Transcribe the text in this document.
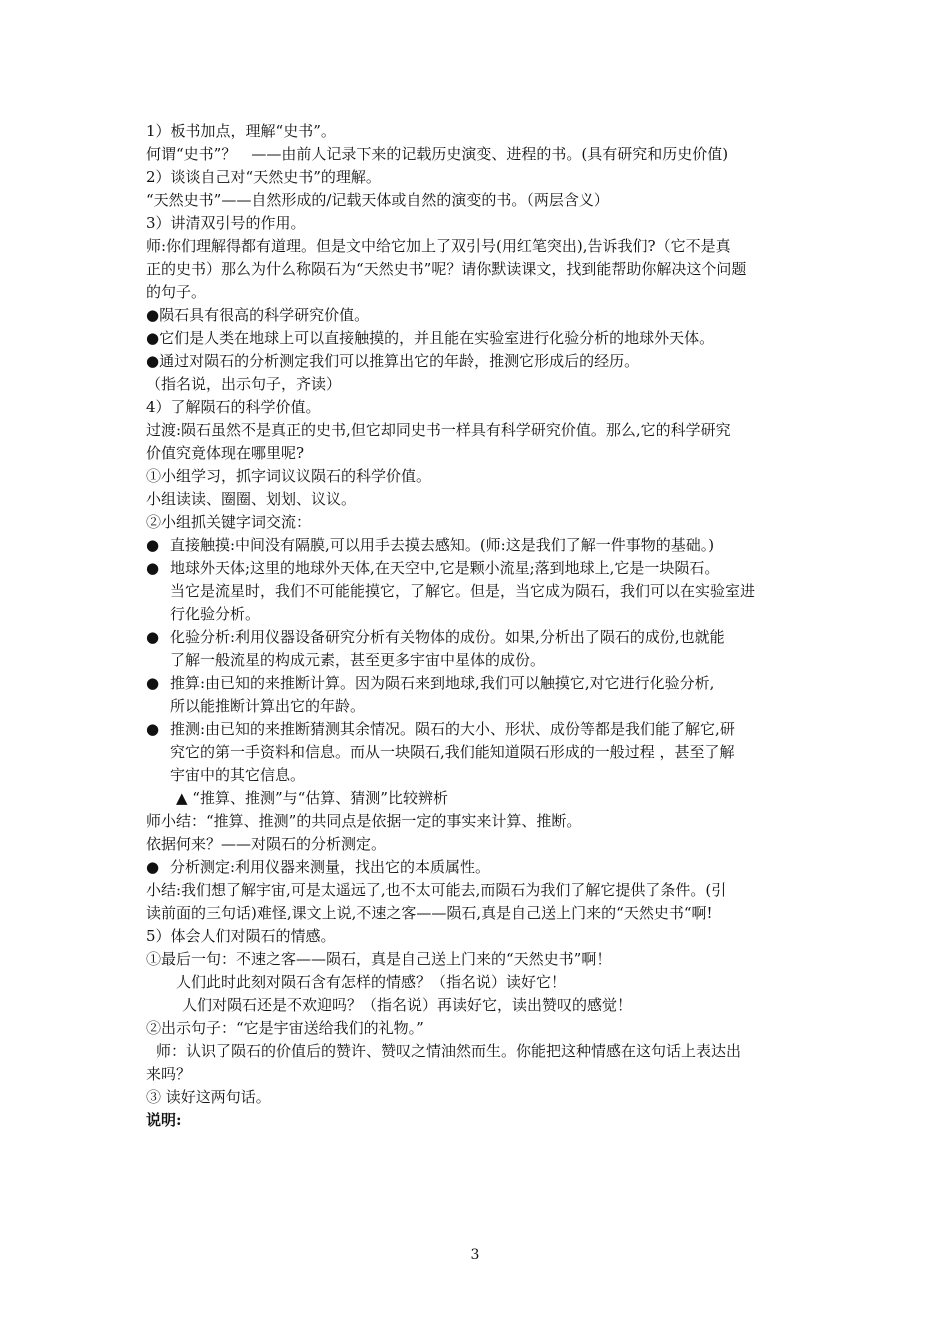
1）板书加点，理解“史书”。
何谓“史书”？　——由前人记录下来的记载历史演变、进程的书。(具有研究和历史价值)
2）谈谈自己对“天然史书”的理解。
“天然史书”——自然形成的/记载天体或自然的演变的书。（两层含义）
3）讲清双引号的作用。
师:你们理解得都有道理。但是文中给它加上了双引号(用红笔突出),告诉我们?（它不是真
正的史书）那么为什么称陨石为“天然史书”呢？请你默读课文，找到能帮助你解决这个问题
的句子。
●陨石具有很高的科学研究价值。
●它们是人类在地球上可以直接触摸的，并且能在实验室进行化验分析的地球外天体。
●通过对陨石的分析测定我们可以推算出它的年龄，推测它形成后的经历。
（指名说，出示句子，齐读）
4）了解陨石的科学价值。
过渡:陨石虽然不是真正的史书,但它却同史书一样具有科学研究价值。那么,它的科学研究
价值究竟体现在哪里呢?
①小组学习，抓字词议议陨石的科学价值。
小组读读、圈圈、划划、议议。
②小组抓关键字词交流：
● 直接触摸:中间没有隔膜,可以用手去摸去感知。(师:这是我们了解一件事物的基础。)
● 地球外天体;这里的地球外天体,在天空中,它是颗小流星;落到地球上,它是一块陨石。
当它是流星时，我们不可能能摸它，了解它。但是，当它成为陨石，我们可以在实验室进
行化验分析。
● 化验分析:利用仪器设备研究分析有关物体的成份。如果,分析出了陨石的成份,也就能
了解一般流星的构成元素，甚至更多宇宙中星体的成份。
● 推算:由已知的来推断计算。因为陨石来到地球,我们可以触摸它,对它进行化验分析,
所以能推断计算出它的年龄。
● 推测:由已知的来推断猜测其余情况。陨石的大小、形状、成份等都是我们能了解它,研
究它的第一手资料和信息。而从一块陨石,我们能知道陨石形成的一般过程 ，甚至了解
宇宙中的其它信息。
▲ “推算、推测”与“估算、猜测”比较辨析
师小结：“推算、推测”的共同点是依据一定的事实来计算、推断。
依据何来？——对陨石的分析测定。
● 分析测定:利用仪器来测量，找出它的本质属性。
小结:我们想了解宇宙,可是太遥远了,也不太可能去,而陨石为我们了解它提供了条件。(引
读前面的三句话)难怪,课文上说,不速之客——陨石,真是自己送上门来的“天然史书“啊!
5）体会人们对陨石的情感。
①最后一句：不速之客——陨石，真是自己送上门来的“天然史书”啊！
人们此时此刻对陨石含有怎样的情感？（指名说）读好它！
人们对陨石还是不欢迎吗？（指名说）再读好它，读出赞叹的感觉！
②出示句子：“它是宇宙送给我们的礼物。”
师：认识了陨石的价值后的赞许、赞叹之情油然而生。你能把这种情感在这句话上表达出
来吗？
③ 读好这两句话。
说明:
3
